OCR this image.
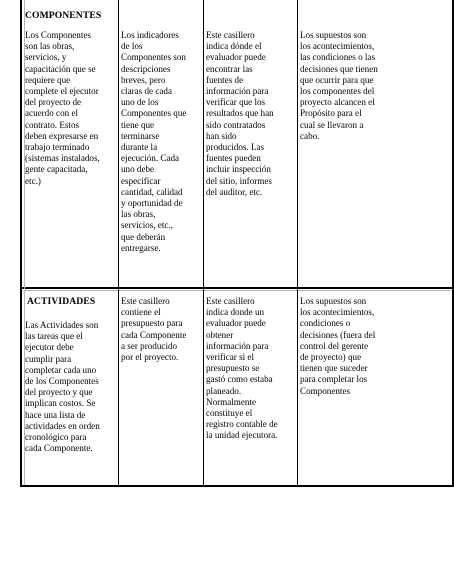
COMPONENTES
Los Componentes
son las obras,
servicios, y
capacitación que se
requiere que
complete el ejecutor
del proyecto de
acuerdo con el
contrato. Estos
deben expresarse en
trabajo terminado
(sistemas instalados,
gente capacitada,
etc.)
Los indicadores
de los
Componentes son
descripciones
breves, pero
claras de cada
uno de los
Componentes que
tiene que
terminarse
durante la
ejecución. Cada
uno debe
especificar
cantidad, calidad
y oportunidad de
las obras,
servicios, etc.,
que deberán
entregarse.
Este casillero
indica dónde el
evaluador puede
encontrar las
fuentes de
información para
verificar que los
resultados que han
sido contratados
han sido
producidos. Las
fuentes pueden
incluir inspección
del sitio, informes
del auditor, etc.
Los supuestos son
los acontecimientos,
las condiciones o las
decisiones que tienen
que ocurrir para que
los componentes del
proyecto alcancen el
Propósito para el
cual se llevaron a
cabo.
ACTIVIDADES
Las Actividades son
las tareas que el
ejecutor debe
cumplir para
completar cada uno
de los Componentes
del proyecto y que
implican costos. Se
hace una lista de
actividades en orden
cronológico para
cada Componente.
Este casillero
contiene el
presupuesto para
cada Componente
a ser producido
por el proyecto.
Este casillero
indica donde un
evaluador puede
obtener
información para
verificar si el
presupuesto se
gastó como estaba
planeado.
Normalmente
constituye el
registro contable de
la unidad ejecutora.
Los supuestos son
los acontecimientos,
condiciones o
decisiones (fuera del
control del gerente
de proyecto) que
tienen que suceder
para completar los
Componentes
